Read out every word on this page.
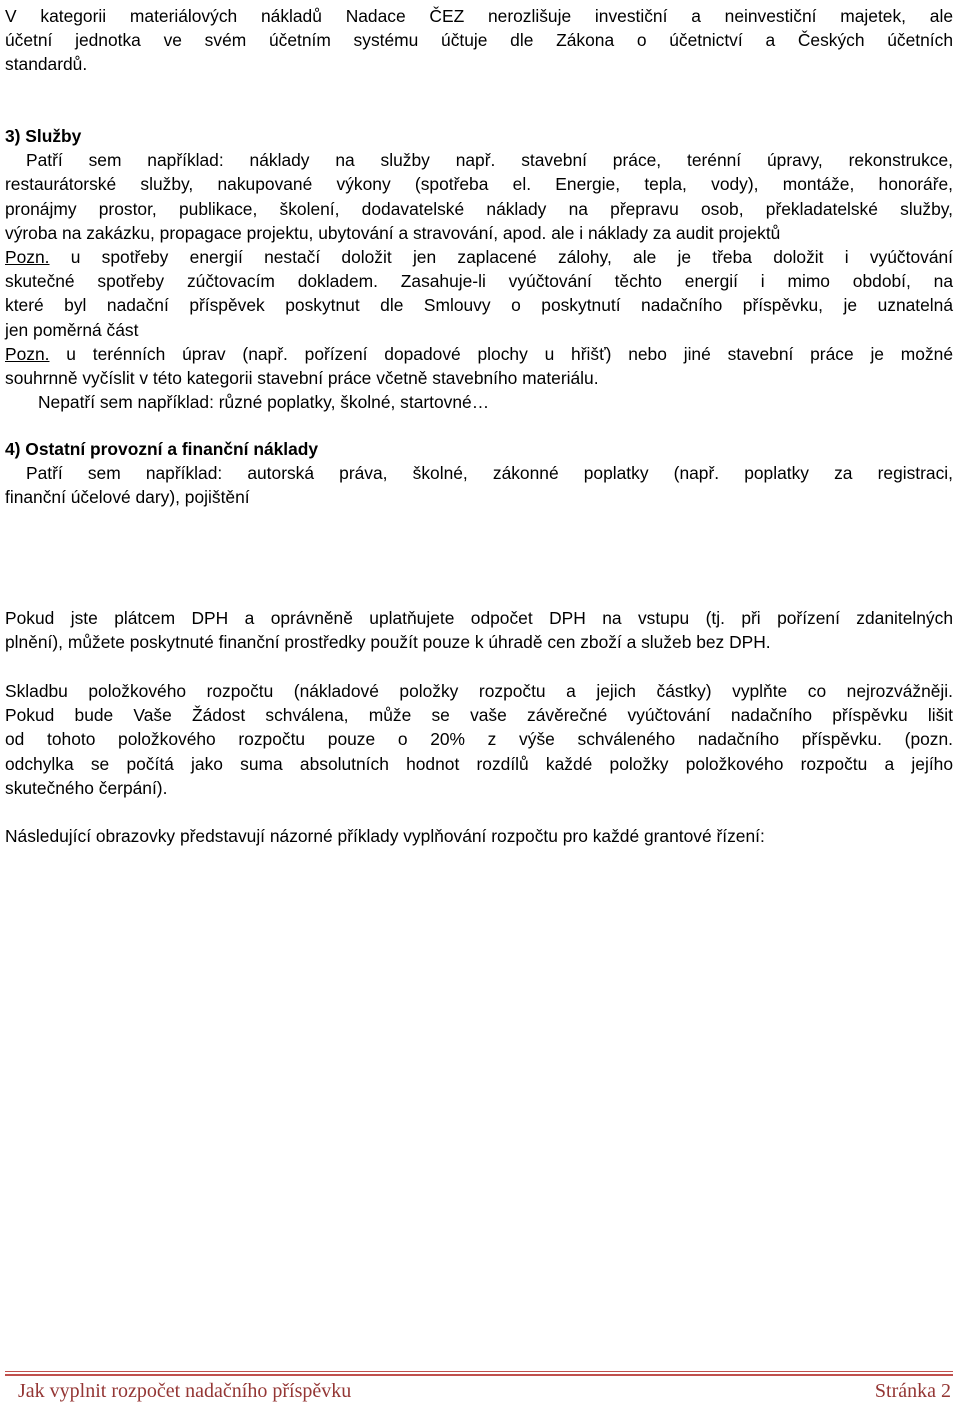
V kategorii materiálových nákladů Nadace ČEZ nerozlišuje investiční a neinvestiční majetek, ale
účetní jednotka ve svém účetním systému účtuje dle Zákona o účetnictví a Českých účetních
standardů.
3) Služby
Patří sem například: náklady na služby např. stavební práce, terénní úpravy, rekonstrukce,
restaurátorské služby, nakupované výkony (spotřeba el. Energie, tepla, vody), montáže, honoráře,
pronájmy prostor, publikace, školení, dodavatelské náklady na přepravu osob, překladatelské služby,
výroba na zakázku, propagace projektu, ubytování a stravování, apod. ale i náklady za audit projektů
Pozn. u spotřeby energií nestačí doložit jen zaplacené zálohy, ale je třeba doložit i vyúčtování
skutečné spotřeby zúčtovacím dokladem. Zasahuje-li vyúčtování těchto energií i mimo období, na
které byl nadační příspěvek poskytnut dle Smlouvy o poskytnutí nadačního příspěvku, je uznatelná
jen poměrná část
Pozn. u terénních úprav (např. pořízení dopadové plochy u hřišť) nebo jiné stavební práce je možné
souhrnně vyčíslit v této kategorii stavební práce včetně stavebního materiálu.
Nepatří sem například: různé poplatky, školné, startovné…
4) Ostatní provozní a finanční náklady
Patří sem například: autorská práva, školné, zákonné poplatky (např. poplatky za registraci,
finanční účelové dary), pojištění
Pokud jste plátcem DPH a oprávněně uplatňujete odpočet DPH na vstupu (tj. při pořízení zdanitelných
plnění), můžete poskytnuté finanční prostředky použít pouze k úhradě cen zboží a služeb bez DPH.
Skladbu položkového rozpočtu (nákladové položky rozpočtu a jejich částky) vyplňte co nejrozvážněji.
Pokud bude Vaše Žádost schválena, může se vaše závěrečné vyúčtování nadačního příspěvku lišit
od tohoto položkového rozpočtu pouze o 20% z výše schváleného nadačního příspěvku. (pozn.
odchylka se počítá jako suma absolutních hodnot rozdílů každé položky položkového rozpočtu a jejího
skutečného čerpání).
Následující obrazovky představují názorné příklady vyplňování rozpočtu pro každé grantové řízení:
Jak vyplnit rozpočet nadačního příspěvku	Stránka 2
